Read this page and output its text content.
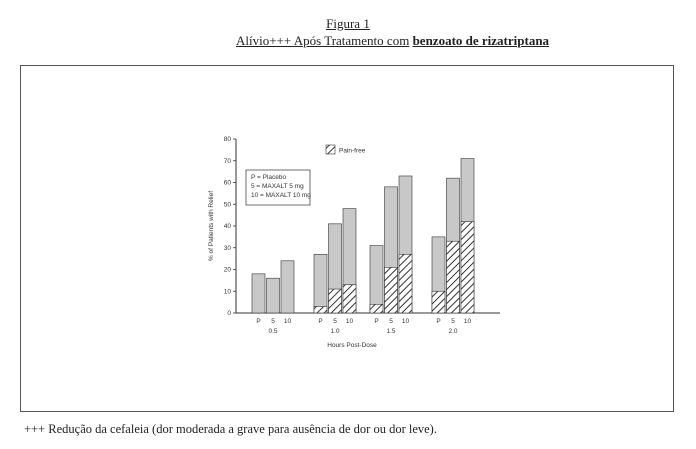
Figura 1
Alívio+++ Após Tratamento com benzoato de rizatriptana
0
10
20
30
40
50
60
70
80
% of Patients with Relief
P 5 10
0.5
P 5 10
1.0
P 5 10
1.5
P 5 10
2.0
Hours Post-Dose
Pain-free
P = Placebo
5 = MAXALT 5 mg
10 = MAXALT 10 mg
+++ Redução da cefaleia (dor moderada a grave para ausência de dor ou dor leve).
